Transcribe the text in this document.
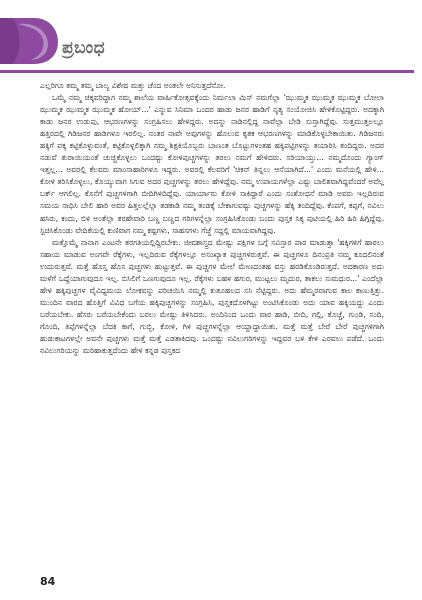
ಪ್ರಬಂಧ

ಎಲ್ಲರಿಗೂ ತಮ್ಮ ತಮ್ಮ ಬಾಲ್ಯ ವಿಶೇಷ ಮತ್ತು ಚೆಂದ ಅಂತಲೇ ಅನಿಸುತ್ತದೆನೋ.

ಒಮ್ಮೆ ನಮ್ಮ ಚಿಕ್ಕವರಿದ್ದಾಗ ನಮ್ಮ ಶಾಲೆಯ ವಾರ್ಷಿಕೋತ್ಸವಕ್ಕೆಂದು ನಿರ್ಮಲಾ ಮಿಸ್ ನಮಗೆಲ್ಲಾ 'ಝುಮ್ಮಕ ಝುಮ್ಮಕ ಝುಮ್ಮಕ ಬೋಲಾ ಝುಮ್ಮಕ ಝುಮ್ಮಕ ಝುಮ್ಮಕ ಹೋಯ್...' ಎನ್ನುವ ಸಿನಿಮಾ ಒಂದರ ಹಾಡು ಜನರ ಹಾಡಿಗೆ ನೃತ್ಯ ಸಂಯೋಜಿಸಿ ಹೇಳಿಕೊಟ್ಟಿದ್ದರು. ಅದಕ್ಕಾಗಿ ಕಾಡು ಜನರ ಉಡುಪು, ಆಭರಣಗಳನ್ನು ಸಂಗ್ರಹಿಸಲು ಹೇಳಿದ್ದರು. ಅದನ್ನು ನಾಡಿನಲ್ಲಿದ್ದ ನಾವೆಲ್ಲಾ ಬೇಡಿ ಸುಸ್ತಾಗಿದ್ದೆವು. ಸುತ್ತಮುತ್ತಲಲ್ಲೂ ಹತ್ತಿರದಲ್ಲಿ ಗಿಡಿಜನರ ಹಾಡಿಗಳೂ ಇರಲಿಲ್ಲ. ನಂತರ ನಾವೇ ಅವುಗಳನ್ನು ಹೊಲುವ ಕೃತಕ ಆಭರಣಗಳನ್ನು ಮಾಡಿಕೊಳ್ಳಬೇಕಾಯಿತು. ಗಿಡಿಜನರು ಹಕ್ಕಿಗೆ ಪಕ್ಕ ಕಟ್ಟಿಕೊಳ್ಳುವಂತೆ, ಕಟ್ಟಿಕೊಳ್ಳಲಿಕ್ಕಾಗಿ ನಮ್ಮ ಶಿಕ್ಷಕಿಯೊಬ್ಬರು ಬಾಣಂತ ಬೊಟ್ಟುಗಳಂತಹ ಹಕ್ಕಿಪಟ್ಟಿಗಳನ್ನು ತಯಾರಿಸಿ ತಂದಿದ್ದರು. ಅದರ ನಡುವೆ ತುರಾಯಿಯಂತೆ ಚುಚ್ಚಿಕೊಳ್ಳಲು ಒಂದಷ್ಟು ಕೋಳಿಪುಚ್ಚಗಳನ್ನು ತರಲು ನಮಗೆ ಹೇಳಿದರು. ಸರಿಯಾಯ್ತು... ನಮ್ಮದೊಂದು ಗ್ಯಾಂಗ್ ಇತ್ತಲ್ಲ... ಅವರಲ್ಲಿ ಕೆಲವರು ಮಾಂಸಾಹಾರಿಗಳೂ ಇದ್ದರು. ಅವರಲ್ಲಿ ಕೆಲವರಿಗೆ 'ಚಿಕನ್ ತಿನ್ನಲು ಆಸೆಯಾಗಿದೆ...' ಎಂದು ಮನೆಯಲ್ಲಿ ಹೇಳಿ... ಕೋಳಿ ತರಿಸಿಕೊಳ್ಳಲು, ಕೊಯ್ಯುವಾಗ ಸಿಗುವ ಅದರ ಪುಚ್ಚಗಳನ್ನು ತರಲು ಹೇಳಿದ್ದೆವು. ನಮ್ಮ ಉಪಾಯಗಳೆಲ್ಲಾ ಎಷ್ಟು ಬಾಲಿಶವಾಗಿದ್ದವೆಂದರೆ ಅವೆಲ್ಲ ಬರ್ಕ್ ಆಗಲಿಲ್ಲ. ಕೊನೆಗೆ ಪುಚ್ಚಗಳಿಗಾಗಿ ಬೀದಿಗಿಳಿದಿದ್ದೆವು. ಯಾರ್ಯಾರು ಕೋಳಿ ಸಾಕಿದ್ದಾರೆ ಎಂದು ಸಂಶೋಧನೆ ಮಾಡಿ ಅವರು ಇಲ್ಲದಿರುವ ಸಮಯ ಸಾಧಿಸಿ ಬೇಲಿ ಹಾರಿ ಅವರ ಹಿತ್ತಲಲ್ಲೆಲ್ಲಾ ತಡಕಾಡಿ ನಮ್ಮ ತಂಡಕ್ಕೆ ಬೇಕಾಗುವಷ್ಟು ಪುಚ್ಚಗಳನ್ನು ಹೆಕ್ಕಿ ತಂದಿದ್ದೆವು. ಕೆಂಪಗೆ, ಕಪ್ಪಗೆ, ನವಿಲು ಹಸಿರು, ಕಂದು, ಬಿಳಿ ಅಂತೆಲ್ಲಾ ತರಹೇವಾರಿ ಬಣ್ಣ ಬಣ್ಣದ ಗರಿಗಳನ್ನೆಲ್ಲಾ ಸಂಗ್ರಹಿಸಿಕೊಂಡು ಬಂದು ಪುಸ್ತಕ ಸಿಕ್ಕ ಪುಟಿಯಲ್ಲಿ ಹಿರಿ ಹಿರಿ ಹಿಗ್ಗಿದ್ದೆವು. ಸ್ಟಿಚಿಸಿಕೊಂಡು ವೇದಿಕೆಯಲ್ಲಿ ಕುಣಿವಾಗ ನಮ್ಮ ಕಷ್ಟಗಳು, ಸಾಹಸಗಳು ಗೆಜ್ಜೆ ಸದ್ದಲ್ಲಿ ಮಾಯವಾಗಿದ್ದವು.

ಮತ್ತೊಮ್ಮೆ ನಾನಾಗ ಎಂಟನೇ ತರಗತಿಯಲ್ಲಿದ್ದಿರಬೇಕು. ಜೀವಶಾಸ್ತ್ರದ ಮೇಷ್ಟು ಪಕ್ಷಿಗಳ ಬಗ್ಗೆ ಸವಿಸ್ತಾರ ಪಾಠ ಮಾಡುತ್ತಾ 'ಹಕ್ಕಿಗಳಿಗೆ ಹಾರಲು ಸಹಾಯ ಮಾಡುವ ಅಂಗವೇ ರೆಕ್ಕೆಗಳು, ಇಲ್ಲದಿರುವ ರೆಕ್ಕೆಗಳಲ್ಲೂ ಅಸಂಖ್ಯಾತ ಪುಚ್ಚಗಳಿರುತ್ತವೆ. ಈ ಪುಚ್ಚಗಳೂ ದಿನಂಪ್ರತಿ ನಮ್ಮ ಕೂದಲಿನಂತೆ ಉದುರುತ್ತವೆ. ಮತ್ತೆ ಹೊಸ್ತ ಹೊಸ ಪುಚ್ಚಗಳು ಹುಟ್ಟುತ್ತವೆ. ಈ ಪುಚ್ಚಗಳ ಮೇಲೆ ಮೇಣದಂತಹ ವಸ್ತು ಹರಡಿಕೊಂಡಿರುತ್ತದೆ. ಅದಕಾರಣ ಅದು ಮಳೆಗೆ ಒದ್ದೆಯಾಗುವುದೂ ಇಲ್ಲ. ಬಿಸಿಲಿಗೆ ಒಣಗುವುದೂ ಇಲ್ಲ. ರೆಕ್ಕೆಗಳು ಬಹಳ ಹಗುರ, ಮುಟ್ಟಲು ಮೃದುರ, ತಾಕಲು ಸುಮಧುರ...' ಎಂದೆಲ್ಲಾ ಹೇಳಿ ಹಕ್ಕಿಪುಚ್ಚಗಳ ವೈವಿಧ್ಯಮಯ ಲೋಕವನ್ನು ಪರಿಚಯಿಸಿ ನಮ್ಮಲ್ಲಿ ಕುತೂಹಲದ ಸಸಿ ನೆಟ್ಟಿದ್ದರು. ಅದು ಹೆಮ್ಮರವಾಗುವ ಕಾಲ ಕಾಣುತ್ತಿತ್ತು. ಮುಂದಿನ ವಾರದ ಹೊತ್ತಿಗೆ ವಿವಿಧ ಬಗೆಯ ಹಕ್ಕಿಪುಚ್ಚಗಳನ್ನು ಸಂಗ್ರಹಿಸಿ, ಪುಸ್ತಕದೊಳಗಿಟ್ಟು ಅಂಟಿಸಿಕೊಂಡು ಅದು ಯಾವ ಹಕ್ಕಿಯದ್ದು ಎಂದು ಬರೆಯಬೇಕು. ಹೆಸರು ಬರೆಯಬೇಕೆಂದು ಬರಲು ಮೇಷ್ಟು ತಿಳಿಸಿದರು. ಅಂದಿನಿಂದ ಒಂದು ವಾರ ಹಾಡಿ, ಬೀದಿ, ಗಲ್ಲಿ, ಕೊಚ್ಚೆ, ಗುಂಡಿ, ಸಂದಿ, ಗೊಂದಿ, ತಿಪ್ಪೆಗಳನ್ನೆಲ್ಲಾ ಬೆದಕಿ ಕಾಗೆ, ಗುಬ್ಬಿ, ಕೋಳಿ, ಗಿಳಿ ಪುಚ್ಚಗಳನ್ನೆಲ್ಲಾ ಆಯ್ದಾದ್ದಾಯಿತು. ಮತ್ತೆ ಮತ್ತೆ ಬೇರೆ ಬೇರೆ ಪುಚ್ಚಗಳಿಗಾಗಿ ಹುಡುಕಾಟಗಳಲ್ಲೇ ಅವನೇ ಪುಚ್ಚಗಳು ಮತ್ತೆ ಮತ್ತೆ ಎಡತಾಕಿದವು. ಒಂದಷ್ಟು ನವಿಲುಗರಿಗಳನ್ನು ಇದ್ದವರ ಬಳಿ ಕೇಳಿ ಎರವಲು ಪಡೆದೆ. ಒಂದು ನವಿಲುಗರಿಯನ್ನು ಮರಿಹಾಕುತ್ತದೆಂದು ಹೇಳಿ ಕನ್ನಡ ಪುಸ್ತಕದ

84
